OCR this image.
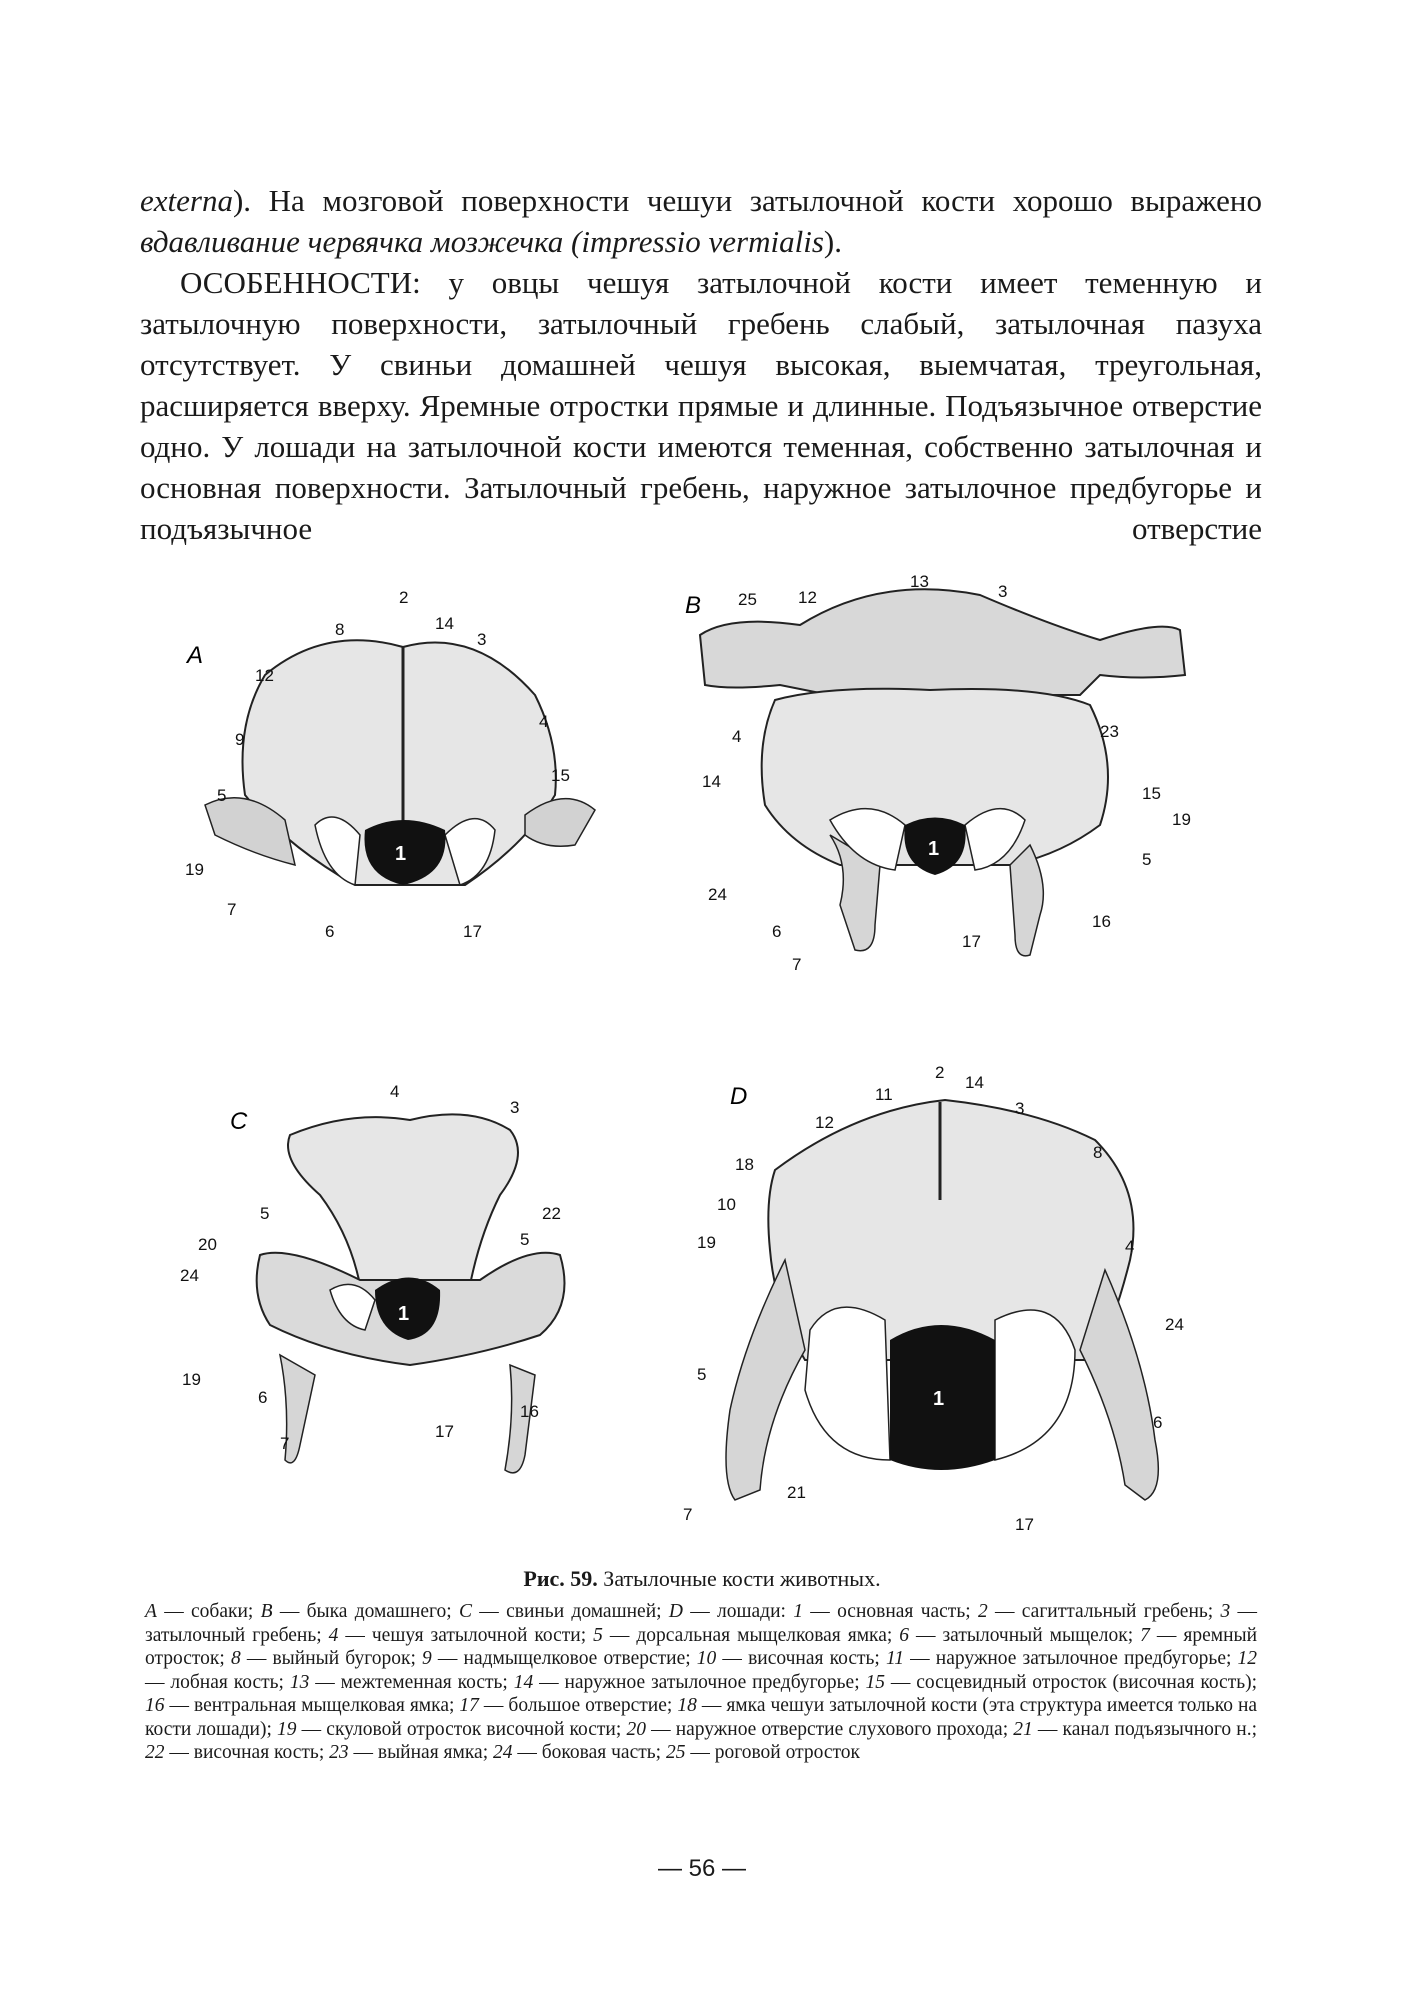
externa). На мозговой поверхности чешуи затылочной кости хорошо выражено вдавливание червячка мозжечка (impressio vermialis).

ОСОБЕННОСТИ: у овцы чешуя затылочной кости имеет теменную и затылочную поверхности, затылочный гребень слабый, затылочная пазуха отсутствует. У свиньи домашней чешуя высокая, выемчатая, треугольная, расширяется вверху. Яремные отростки прямые и длинные. Подъязычное отверстие одно. У лошади на затылочной кости имеются теменная, собственно затылочная и основная поверхности. Затылочный гребень, наружное затылочное предбугорье и подъязычное отверстие

A
2
8	14
3
12
4
9
15
5
19
1
7
6	17
B
13
3
25 12
4	23
14
15
19
5
1
24
6
17
16
7
C
4
3
5	22
20	5
24
1
19
6
16
17
7
D
2
14
11
3
12
8
18
10
4
19
24
5
1
6
21
17
7
Рис. 59. Затылочные кости животных.
A — собаки; B — быка домашнего; C — свиньи домашней; D — лошади: 1 — основная часть; 2 — сагиттальный гребень; 3 — затылочный гребень; 4 — чешуя затылочной кости; 5 — дорсальная мыщелковая ямка; 6 — затылочный мыщелок; 7 — яремный отросток; 8 — выйный бугорок; 9 — надмыщелковое отверстие; 10 — височная кость; 11 — наружное затылочное предбугорье; 12 — лобная кость; 13 — межтеменная кость; 14 — наружное затылочное предбугорье; 15 — сосцевидный отросток (височная кость); 16 — вентральная мыщелковая ямка; 17 — большое отверстие; 18 — ямка чешуи затылочной кости (эта структура имеется только на кости лошади); 19 — скуловой отросток височной кости; 20 — наружное отверстие слухового прохода; 21 — канал подъязычного н.; 22 — височная кость; 23 — выйная ямка; 24 — боковая часть; 25 — роговой отросток
— 56 —
